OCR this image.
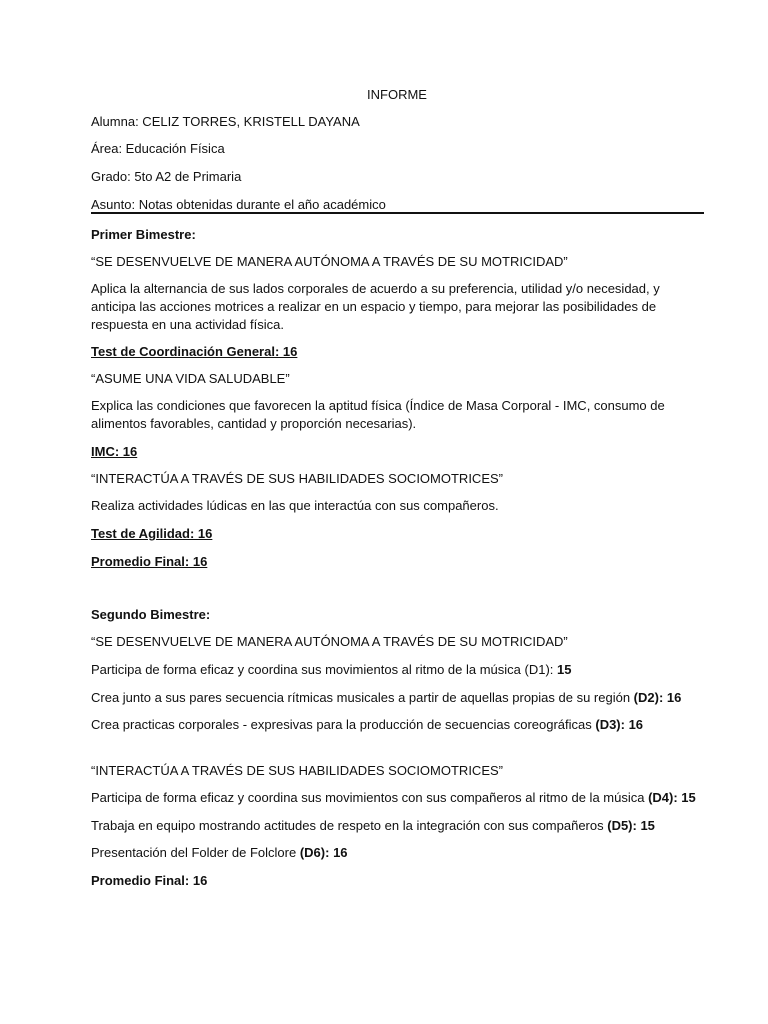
INFORME
Alumna: CELIZ TORRES, KRISTELL DAYANA
Área: Educación Física
Grado: 5to A2 de Primaria
Asunto: Notas obtenidas durante el año académico
Primer Bimestre:
“SE DESENVUELVE DE MANERA AUTÓNOMA A TRAVÉS DE SU MOTRICIDAD”
Aplica la alternancia de sus lados corporales de acuerdo a su preferencia, utilidad y/o necesidad, y anticipa las acciones motrices a realizar en un espacio y tiempo, para mejorar las posibilidades de respuesta en una actividad física.
Test de Coordinación General: 16
“ASUME UNA VIDA SALUDABLE”
Explica las condiciones que favorecen la aptitud física (Índice de Masa Corporal - IMC, consumo de alimentos favorables, cantidad y proporción necesarias).
IMC: 16
“INTERACTÚA A TRAVÉS DE SUS HABILIDADES SOCIOMOTRICES”
Realiza actividades lúdicas en las que interactúa con sus compañeros.
Test de Agilidad: 16
Promedio Final: 16
Segundo Bimestre:
“SE DESENVUELVE DE MANERA AUTÓNOMA A TRAVÉS DE SU MOTRICIDAD”
Participa de forma eficaz y coordina sus movimientos al ritmo de la música (D1): 15
Crea junto a sus pares secuencia rítmicas musicales a partir de aquellas propias de su región (D2): 16
Crea practicas corporales - expresivas para la producción de secuencias coreográficas (D3): 16
“INTERACTÚA A TRAVÉS DE SUS HABILIDADES SOCIOMOTRICES”
Participa de forma eficaz y coordina sus movimientos con sus compañeros al ritmo de la música (D4): 15
Trabaja en equipo mostrando actitudes de respeto en la integración con sus compañeros (D5): 15
Presentación del Folder de Folclore (D6): 16
Promedio Final: 16
